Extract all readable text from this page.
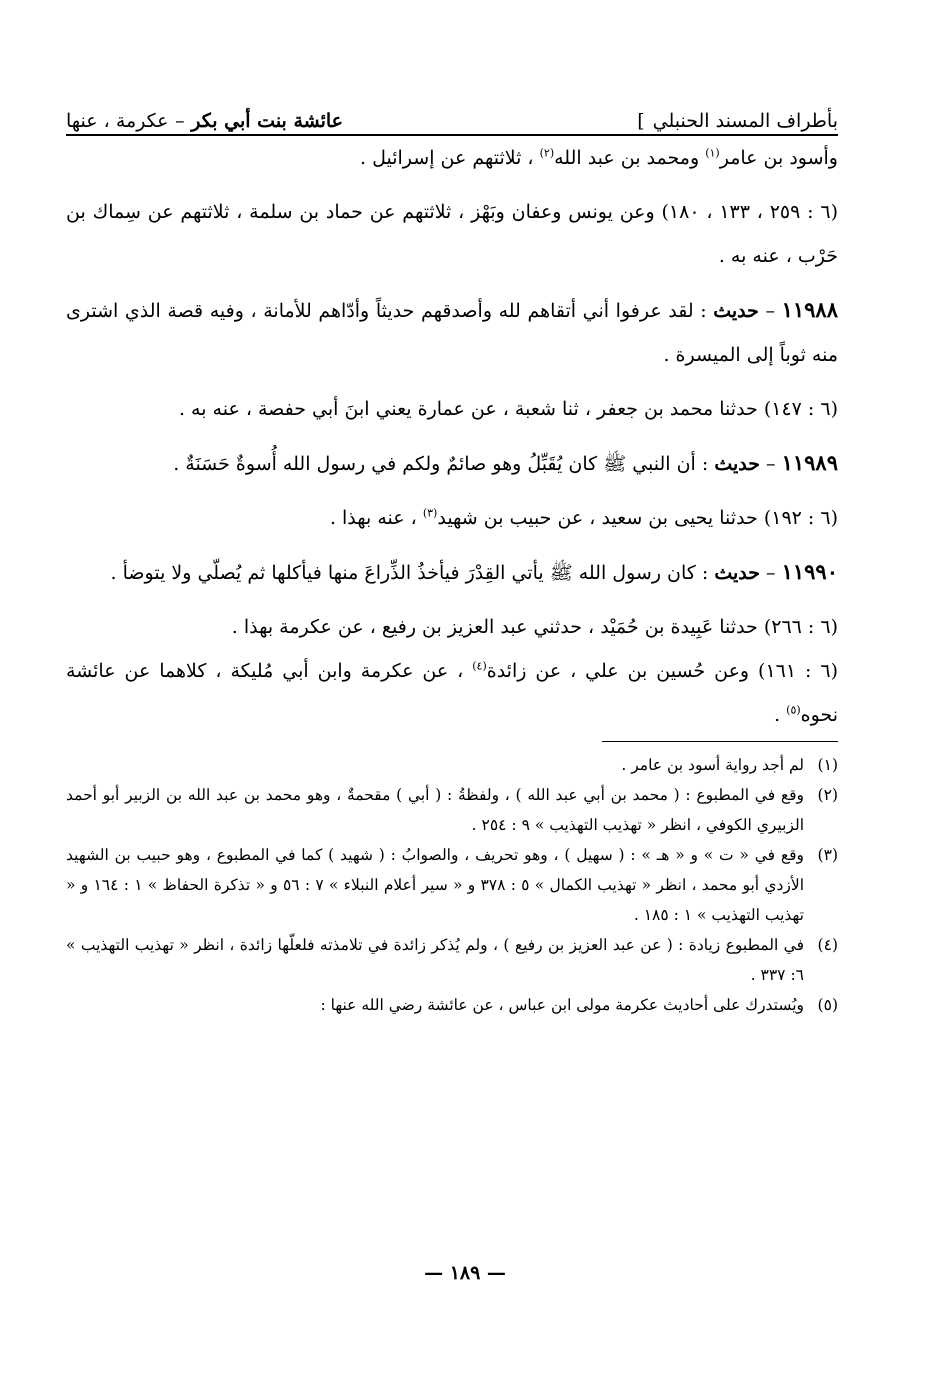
بأطراف المسند الحنبلي]
عائشة بنت أبي بكر – عكرمة ، عنها

وأسود بن عامر$^{(١)}$ ومحمد بن عبد الله$^{(٢)}$ ، ثلاثتهم عن إسرائيل .

(٦ : ٢٥٩ ، ١٣٣ ، ١٨٠) وعن يونس وعفان وبَهْز ، ثلاثتهم عن حماد بن سلمة ، ثلاثتهم عن سِماك بن حَرْب ، عنه به .

١١٩٨٨ – حديث : لقد عرفوا أني أتقاهم لله وأصدقهم حديثاً وأدّاهم للأمانة ، وفيه قصة الذي اشترى منه ثوباً إلى الميسرة .

(٦ : ١٤٧) حدثنا محمد بن جعفر ، ثنا شعبة ، عن عمارة يعني ابنَ أبي حفصة ، عنه به .

١١٩٨٩ – حديث : أن النبي ﷺ كان يُقَبِّلُ وهو صائمٌ ولكم في رسول الله أُسوةٌ حَسَنَةٌ .

(٦ : ١٩٢) حدثنا يحيى بن سعيد ، عن حبيب بن شهيد$^{(٣)}$ ، عنه بهذا .

١١٩٩٠ – حديث : كان رسول الله ﷺ يأتي القِدْرَ فيأخذُ الذِّراعَ منها فيأكلها ثم يُصلّي ولا يتوضأ .

(٦ : ٢٦٦) حدثنا عَبِيدة بن حُمَيْد ، حدثني عبد العزيز بن رفيع ، عن عكرمة بهذا .

(٦ : ١٦١) وعن حُسين بن علي ، عن زائدة$^{(٤)}$ ، عن عكرمة وابن أبي مُليكة ، كلاهما عن عائشة نحوه$^{(٥)}$ .

(١)
لم أجد رواية أسود بن عامر .
(٢)
وقع في المطبوع : ( محمد بن أبي عبد الله ) ، ولفظةُ : ( أبي ) مقحمةٌ ، وهو محمد بن عبد الله بن الزبير أبو أحمد الزبيري الكوفي ، انظر « تهذيب التهذيب » ٩ : ٢٥٤ .
(٣)
وقع في « ت » و « هـ » : ( سهيل ) ، وهو تحريف ، والصوابُ : ( شهيد ) كما في المطبوع ، وهو حبيب بن الشهيد الأزدي أبو محمد ، انظر « تهذيب الكمال » ٥ : ٣٧٨ و « سير أعلام النبلاء » ٧ : ٥٦ و « تذكرة الحفاظ » ١ : ١٦٤ و « تهذيب التهذيب » ١ : ١٨٥ .
(٤)
في المطبوع زيادة : ( عن عبد العزيز بن رفيع ) ، ولم يُذكر زائدة في تلامذته فلعلّها زائدة ، انظر « تهذيب التهذيب » ٦: ٣٣٧ .
(٥)
ويُستدرك على أحاديث عكرمة مولى ابن عباس ، عن عائشة رضي الله عنها :
— ١٨٩ —
